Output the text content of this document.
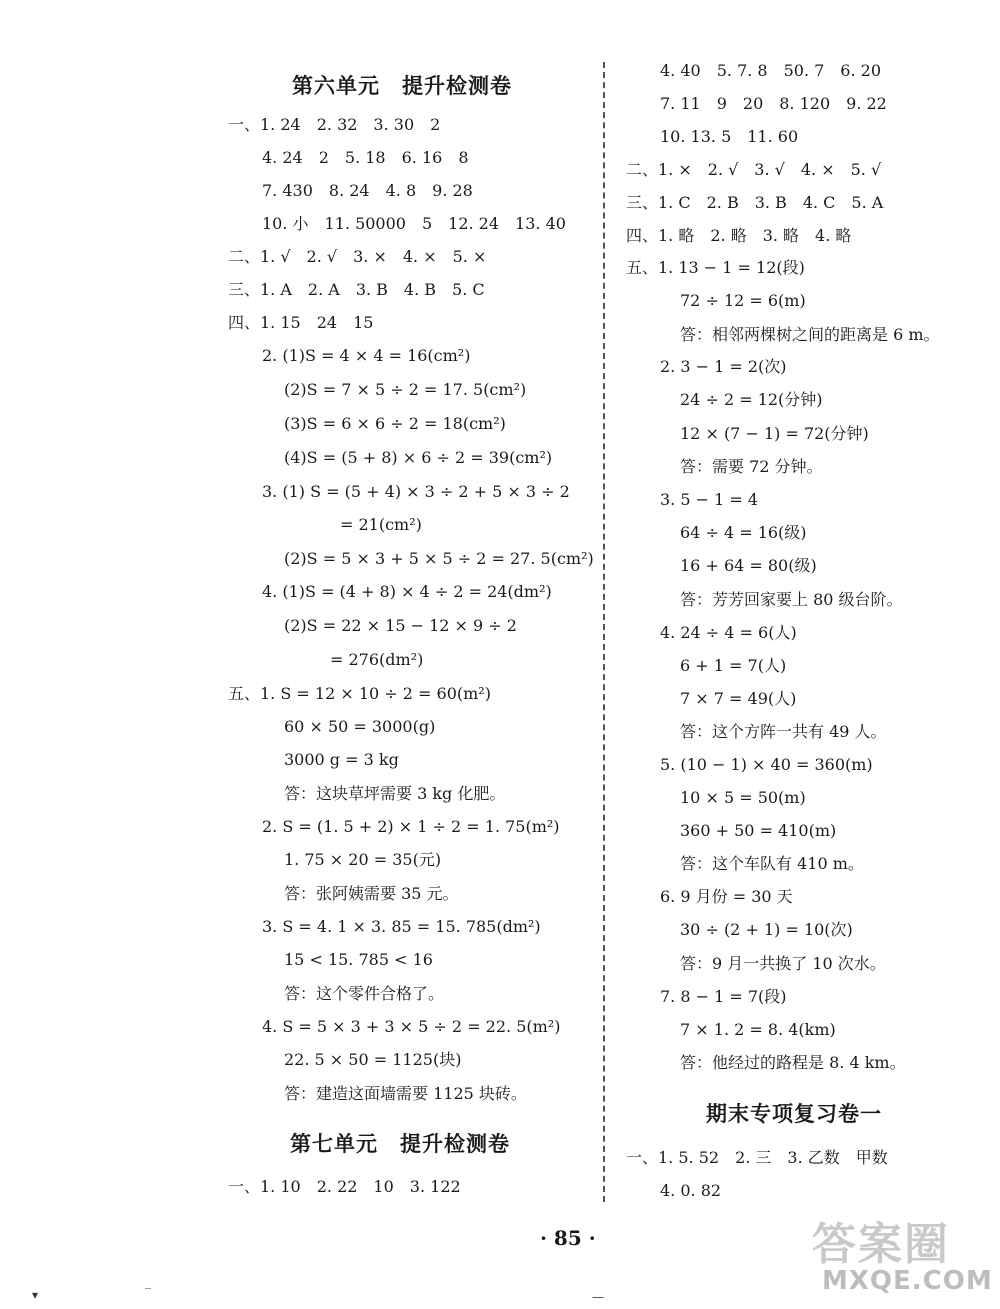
第六单元　提升检测卷
一、1. 24　2. 32　3. 30　2
4. 24　2　5. 18　6. 16　8
7. 430　8. 24　4. 8　9. 28
10. 小　11. 50000　5　12. 24　13. 40
二、1. √　2. √　3. ×　4. ×　5. ×
三、1. A　2. A　3. B　4. B　5. C
四、1. 15　24　15
2. (1)S = 4 × 4 = 16(cm²)
(2)S = 7 × 5 ÷ 2 = 17. 5(cm²)
(3)S = 6 × 6 ÷ 2 = 18(cm²)
(4)S = (5 + 8) × 6 ÷ 2 = 39(cm²)
3. (1) S = (5 + 4) × 3 ÷ 2 + 5 × 3 ÷ 2
= 21(cm²)
(2)S = 5 × 3 + 5 × 5 ÷ 2 = 27. 5(cm²)
4. (1)S = (4 + 8) × 4 ÷ 2 = 24(dm²)
(2)S = 22 × 15 − 12 × 9 ÷ 2
= 276(dm²)
五、1. S = 12 × 10 ÷ 2 = 60(m²)
60 × 50 = 3000(g)
3000 g = 3 kg
答：这块草坪需要 3 kg 化肥。
2. S = (1. 5 + 2) × 1 ÷ 2 = 1. 75(m²)
1. 75 × 20 = 35(元)
答：张阿姨需要 35 元。
3. S = 4. 1 × 3. 85 = 15. 785(dm²)
15 < 15. 785 < 16
答：这个零件合格了。
4. S = 5 × 3 + 3 × 5 ÷ 2 = 22. 5(m²)
22. 5 × 50 = 1125(块)
答：建造这面墙需要 1125 块砖。
第七单元　提升检测卷
一、1. 10　2. 22　10　3. 122
4. 40　5. 7. 8　50. 7　6. 20
7. 11　9　20　8. 120　9. 22
10. 13. 5　11. 60
二、1. ×　2. √　3. √　4. ×　5. √
三、1. C　2. B　3. B　4. C　5. A
四、1. 略　2. 略　3. 略　4. 略
五、1. 13 − 1 = 12(段)
72 ÷ 12 = 6(m)
答：相邻两棵树之间的距离是 6 m。
2. 3 − 1 = 2(次)
24 ÷ 2 = 12(分钟)
12 × (7 − 1) = 72(分钟)
答：需要 72 分钟。
3. 5 − 1 = 4
64 ÷ 4 = 16(级)
16 + 64 = 80(级)
答：芳芳回家要上 80 级台阶。
4. 24 ÷ 4 = 6(人)
6 + 1 = 7(人)
7 × 7 = 49(人)
答：这个方阵一共有 49 人。
5. (10 − 1) × 40 = 360(m)
10 × 5 = 50(m)
360 + 50 = 410(m)
答：这个车队有 410 m。
6. 9 月份 = 30 天
30 ÷ (2 + 1) = 10(次)
答：9 月一共换了 10 次水。
7. 8 − 1 = 7(段)
7 × 1. 2 = 8. 4(km)
答：他经过的路程是 8. 4 km。
期末专项复习卷一
一、1. 5. 52　2. 三　3. 乙数　甲数
4. 0. 82
· 85 ·	答案圈
MXQE.COM
▾	‾	—
